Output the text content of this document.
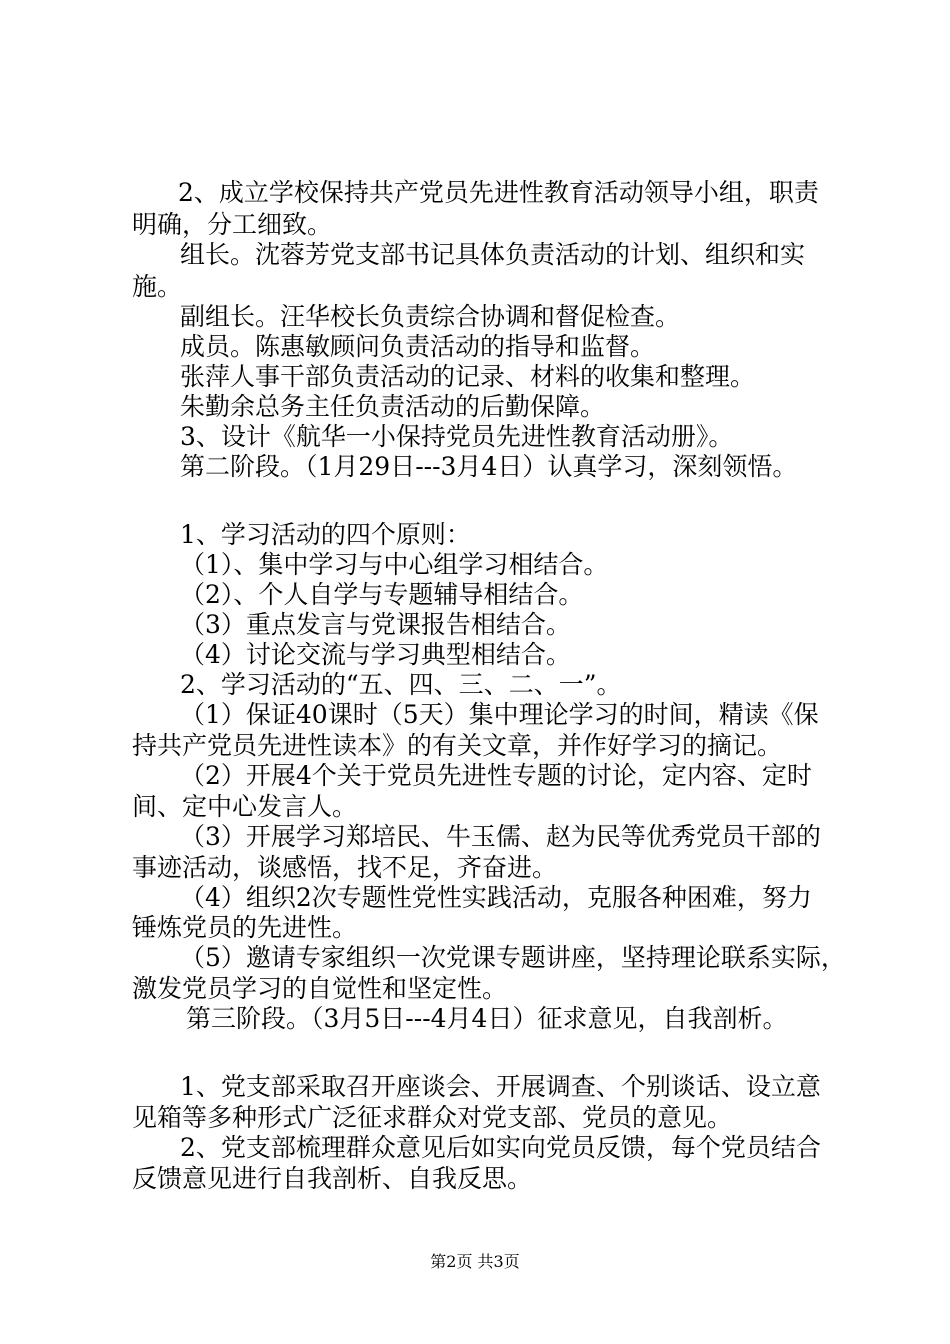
2、成立学校保持共产党员先进性教育活动领导小组，职责
明确，分工细致。
组长。沈蓉芳党支部书记具体负责活动的计划、组织和实
施。
副组长。汪华校长负责综合协调和督促检查。
成员。陈惠敏顾问负责活动的指导和监督。
张萍人事干部负责活动的记录、材料的收集和整理。
朱勤余总务主任负责活动的后勤保障。
3、设计《航华一小保持党员先进性教育活动册》。
第二阶段。（1月29日---3月4日）认真学习，深刻领悟。
1、学习活动的四个原则：
（1）、集中学习与中心组学习相结合。
（2）、个人自学与专题辅导相结合。
（3）重点发言与党课报告相结合。
（4）讨论交流与学习典型相结合。
2、学习活动的“五、四、三、二、一”。
（1）保证40课时（5天）集中理论学习的时间，精读《保
持共产党员先进性读本》的有关文章，并作好学习的摘记。
（2）开展4个关于党员先进性专题的讨论，定内容、定时
间、定中心发言人。
（3）开展学习郑培民、牛玉儒、赵为民等优秀党员干部的
事迹活动，谈感悟，找不足，齐奋进。
（4）组织2次专题性党性实践活动，克服各种困难，努力
锤炼党员的先进性。
（5）邀请专家组织一次党课专题讲座，坚持理论联系实际，
激发党员学习的自觉性和坚定性。
第三阶段。（3月5日---4月4日）征求意见，自我剖析。
1、党支部采取召开座谈会、开展调查、个别谈话、设立意
见箱等多种形式广泛征求群众对党支部、党员的意见。
2、党支部梳理群众意见后如实向党员反馈，每个党员结合
反馈意见进行自我剖析、自我反思。
第2页 共3页
